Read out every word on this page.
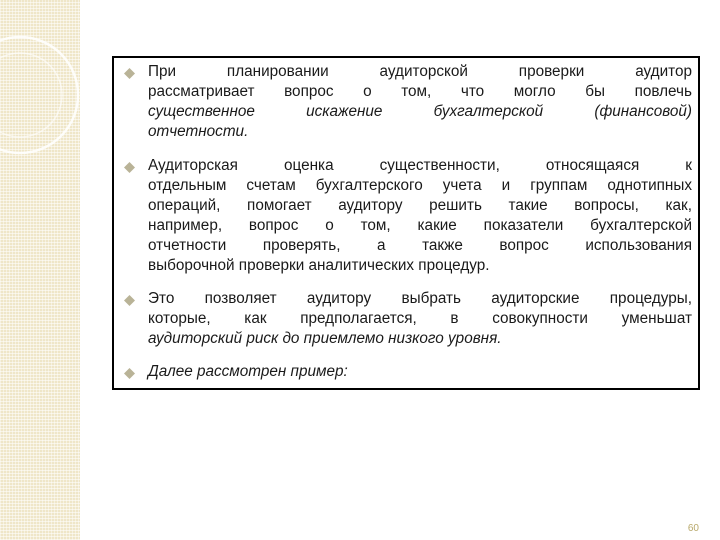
При планировании аудиторской проверки аудитор
рассматривает вопрос о том, что могло бы повлечь
существенное искажение бухгалтерской (финансовой)
отчетности.
Аудиторская оценка существенности, относящаяся к
отдельным счетам бухгалтерского учета и группам однотипных
операций, помогает аудитору решить такие вопросы, как,
например, вопрос о том, какие показатели бухгалтерской
отчетности проверять, а также вопрос использования
выборочной проверки аналитических процедур.
Это позволяет аудитору выбрать аудиторские процедуры,
которые, как предполагается, в совокупности уменьшат
аудиторский риск до приемлемо низкого уровня.
Далее рассмотрен пример:
60
